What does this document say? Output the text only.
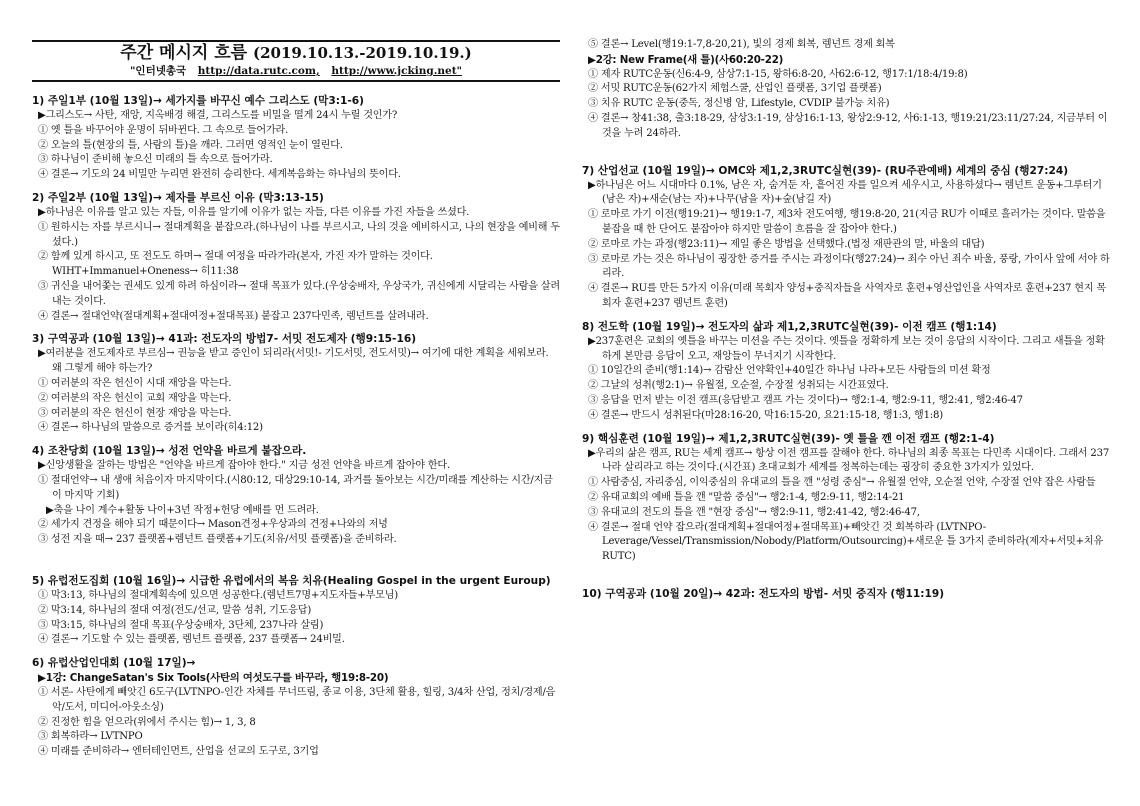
주간 메시지 흐름 (2019.10.13.-2019.10.19.)
"인터넷총국 http://data.rutc.com, http://www.jcking.net"
1) 주일1부 (10월 13일)→ 세가지를 바꾸신 예수 그리스도 (막3:1-6)
▶그리스도→ 사탄, 재앙, 지옥배경 해결, 그리스도를 비밀을 떨게 24시 누릴 것인가?
① 옛 틀을 바꾸어야 운명이 뒤바뀐다. 그 속으로 들어가라.
② 오늘의 틀(현장의 틀, 사람의 틀)을 깨라. 그러면 영적인 눈이 열린다.
③ 하나님이 준비해 놓으신 미래의 틀 속으로 들어가라.
④ 결론→ 기도의 24 비밀만 누리면 완전히 승리한다. 세계복음화는 하나님의 뜻이다.
2) 주일2부 (10월 13일)→ 제자를 부르신 이유 (막3:13-15)
▶하나님은 이유를 알고 있는 자들, 이유를 알기에 이유가 없는 자들, 다른 이유를 가진 자들을 쓰셨다.
① 원하시는 자를 부르시니→ 절대계획을 붙잡으라.(하나님이 나를 부르시고, 나의 것을 예비하시고, 나의 현장을 예비해 두셨다.)
② 함께 있게 하시고, 또 전도도 하며→ 절대 여정을 따라가라(본자, 가진 자가 말하는 것이다. WIHT+Immanuel+Oneness→ 히11:38
③ 귀신을 내어쫓는 권세도 있게 하려 하심이라→ 절대 목표가 있다.(우상숭배자, 우상국가, 귀신에게 시달리는 사람을 살려내는 것이다.
④ 결론→ 절대언약(절대계획+절대여정+절대목표) 붙잡고 237다민족, 렘넌트를 살려내라.
3) 구역공과 (10월 13일)→ 41과: 전도자의 방법7- 서밋 전도제자 (행9:15-16)
▶여러분을 전도제자로 부르심→ 권능을 받고 증인이 되리라(서밋!- 기도서밋, 전도서밋)→ 여기에 대한 계획을 세워보라. 왜 그렇게 해야 하는가?
① 여러분의 작은 헌신이 시대 재앙을 막는다.
② 여러분의 작은 헌신이 교회 재앙을 막는다.
③ 여러분의 작은 헌신이 현장 재앙을 막는다.
④ 결론→ 하나님의 말씀으로 증거를 보이라(히4:12)
4) 조찬당회 (10월 13일)→ 성전 언약을 바르게 붙잡으라.
▶신앙생활을 잘하는 방법은 "언약을 바르게 잡아야 한다." 지금 성전 언약을 바르게 잡아야 한다.
① 절대언약→ 내 생애 처음이자 마지막이다.(시80:12, 대상29:10-14, 과거를 돌아보는 시간/미래를 계산하는 시간/지금이 마지막 기회)
▶축을 나이 계수+활동 나이+3년 작정+헌당 예배를 먼 드려라.
② 세가지 견정을 해야 되기 때문이다→ Mason견정+우상과의 견정+나와의 저녕
③ 성전 지을 때→ 237 플랫폼+렘넌트 플랫폼+기도(치유/서밋 플랫폼)을 준비하라.
5) 유럽전도집회 (10월 16일)→ 시급한 유럽에서의 복음 치유(Healing Gospel in the urgent Euroup)
① 막3:13, 하나님의 절대계획속에 있으면 성공한다.(렘넌트7명+지도자들+부모님)
② 막3:14, 하나님의 절대 여정(전도/선교, 말씀 성취, 기도응답)
③ 막3:15, 하나님의 절대 목표(우상숭배자, 3단체, 237나라 살림)
④ 결론→ 기도할 수 있는 플랫폼, 렘넌트 플랫폼, 237 플랫폼→ 24비밀.
6) 유럽산업인대회 (10월 17일)→
▶1강: ChangeSatan's Six Tools(사탄의 여섯도구를 바꾸라, 행19:8-20)
① 서론- 사탄에게 빼앗긴 6도구(LVTNPO-인간 자체를 무너뜨림, 종교 이용, 3단체 활용, 힐링, 3/4차 산업, 정치/경제/음악/도서, 미디어-아웃소싱)
② 진정한 힘을 얻으라(위에서 주시는 힘)→ 1, 3, 8
③ 회복하라→ LVTNPO
④ 미래를 준비하라→ 엔터테인먼트, 산업을 선교의 도구로, 3기업
⑤ 결론→ Level(행19:1-7,8-20,21), 빛의 경제 회복, 렘넌트 경제 회복
▶2강: New Frame(새 틀)(사60:20-22)
① 제자 RUTC운동(신6:4-9, 삼상7:1-15, 왕하6:8-20, 사62:6-12, 행17:1/18:4/19:8)
② 서밋 RUTC운동(62가지 체험스쿨, 산업인 플랫폼, 3기업 플랫폼)
③ 치유 RUTC 운동(중독, 정신병 암, Lifestyle, CVDIP 불가능 치유)
④ 결론→ 창41:38, 출3:18-29, 삼상3:1-19, 삼상16:1-13, 왕상2:9-12, 사6:1-13, 행19:21/23:11/27:24, 지금부터 이것을 누려 24하라.
7) 산업선교 (10월 19일)→ OMC와 제1,2,3RUTC실현(39)- (RU주관예배) 세계의 중심 (행27:24)
▶하나님은 어느 시대마다 0.1%, 남은 자, 숨겨둔 자, 흩어진 자를 일으켜 세우시고, 사용하셨다→ 렘넌트 운동+그루터기(남은 자)+새순(남는 자)+나무(남을 자)+숲(남길 자)
① 로마로 가기 이전(행19:21)→ 행19:1-7, 제3차 전도여행, 행19:8-20, 21(지금 RU가 이때로 흘러가는 것이다. 말씀을 붙잡을 때 한 단어도 붙잡아야 하지만 말씀이 흐름을 잘 잡아야 한다.)
② 로마로 가는 과정(행23:11)→ 제일 좋은 방법을 선택했다.(법정 재판관의 말, 바울의 대답)
③ 로마로 가는 것은 하나님이 굉장한 증거를 주시는 과정이다(행27:24)→ 죄수 아닌 죄수 바울, 풍랑, 가이사 앞에 서야 하리라.
④ 결론→ RU를 만든 5가지 이유(미래 목회자 양성+중직자들을 사역자로 훈련+영산업인을 사역자로 훈련+237 현지 목회자 훈련+237 렘넌트 훈련)
8) 전도학 (10월 19일)→ 전도자의 삶과 제1,2,3RUTC실현(39)- 이전 캠프 (행1:14)
▶237훈련은 교회의 옛틀을 바꾸는 미션을 주는 것이다. 옛틀을 정확하게 보는 것이 응답의 시작이다. 그리고 새틀을 정확하게 본만큼 응답이 오고, 재앙들이 무너지기 시작한다.
① 10일간의 준비(행1:14)→ 감람산 언약확인+40일간 하나님 나라+모든 사람들의 미션 확정
② 그날의 성취(행2:1)→ 유월절, 오순절, 수장절 성취되는 시간표였다.
③ 응답을 먼저 받는 이전 캠프(응답받고 캠프 가는 것이다)→ 행2:1-4, 행2:9-11, 행2:41, 행2:46-47
④ 결론→ 반드시 성취된다(마28:16-20, 막16:15-20, 요21:15-18, 행1:3, 행1:8)
9) 핵심훈련 (10월 19일)→ 제1,2,3RUTC실현(39)- 옛 틀을 깬 이전 캠프 (행2:1-4)
▶우리의 삶은 캠프, RU는 세계 캠프→ 항상 이전 캠프를 잘해야 한다. 하나님의 최종 목표는 다민족 시대이다. 그래서 237나라 살리라고 하는 것이다.(시간표) 초대교회가 세계를 정복하는데는 굉장히 중요한 3가지가 있었다.
① 사람중심, 자리중심, 이익중심의 유대교의 틀을 깬 "성령 중심"→ 유월절 언약, 오순절 언약, 수장절 언약 잡은 사람들
② 유대교회의 예배 틀을 깬 "말씀 중심"→ 행2:1-4, 행2:9-11, 행2:14-21
③ 유대교의 전도의 틀을 깬 "현장 중심"→ 행2:9-11, 행2:41-42, 행2:46-47,
④ 결론→ 절대 언약 잡으라(절대계획+절대여정+절대목표)+빼앗긴 것 회복하라 (LVTNPO-Leverage/Vessel/Transmission/Nobody/Platform/Outsourcing)+새로운 틀 3가지 준비하라(제자+서밋+치유 RUTC)
10) 구역공과 (10월 20일)→ 42과: 전도자의 방법- 서밋 중직자 (행11:19)
